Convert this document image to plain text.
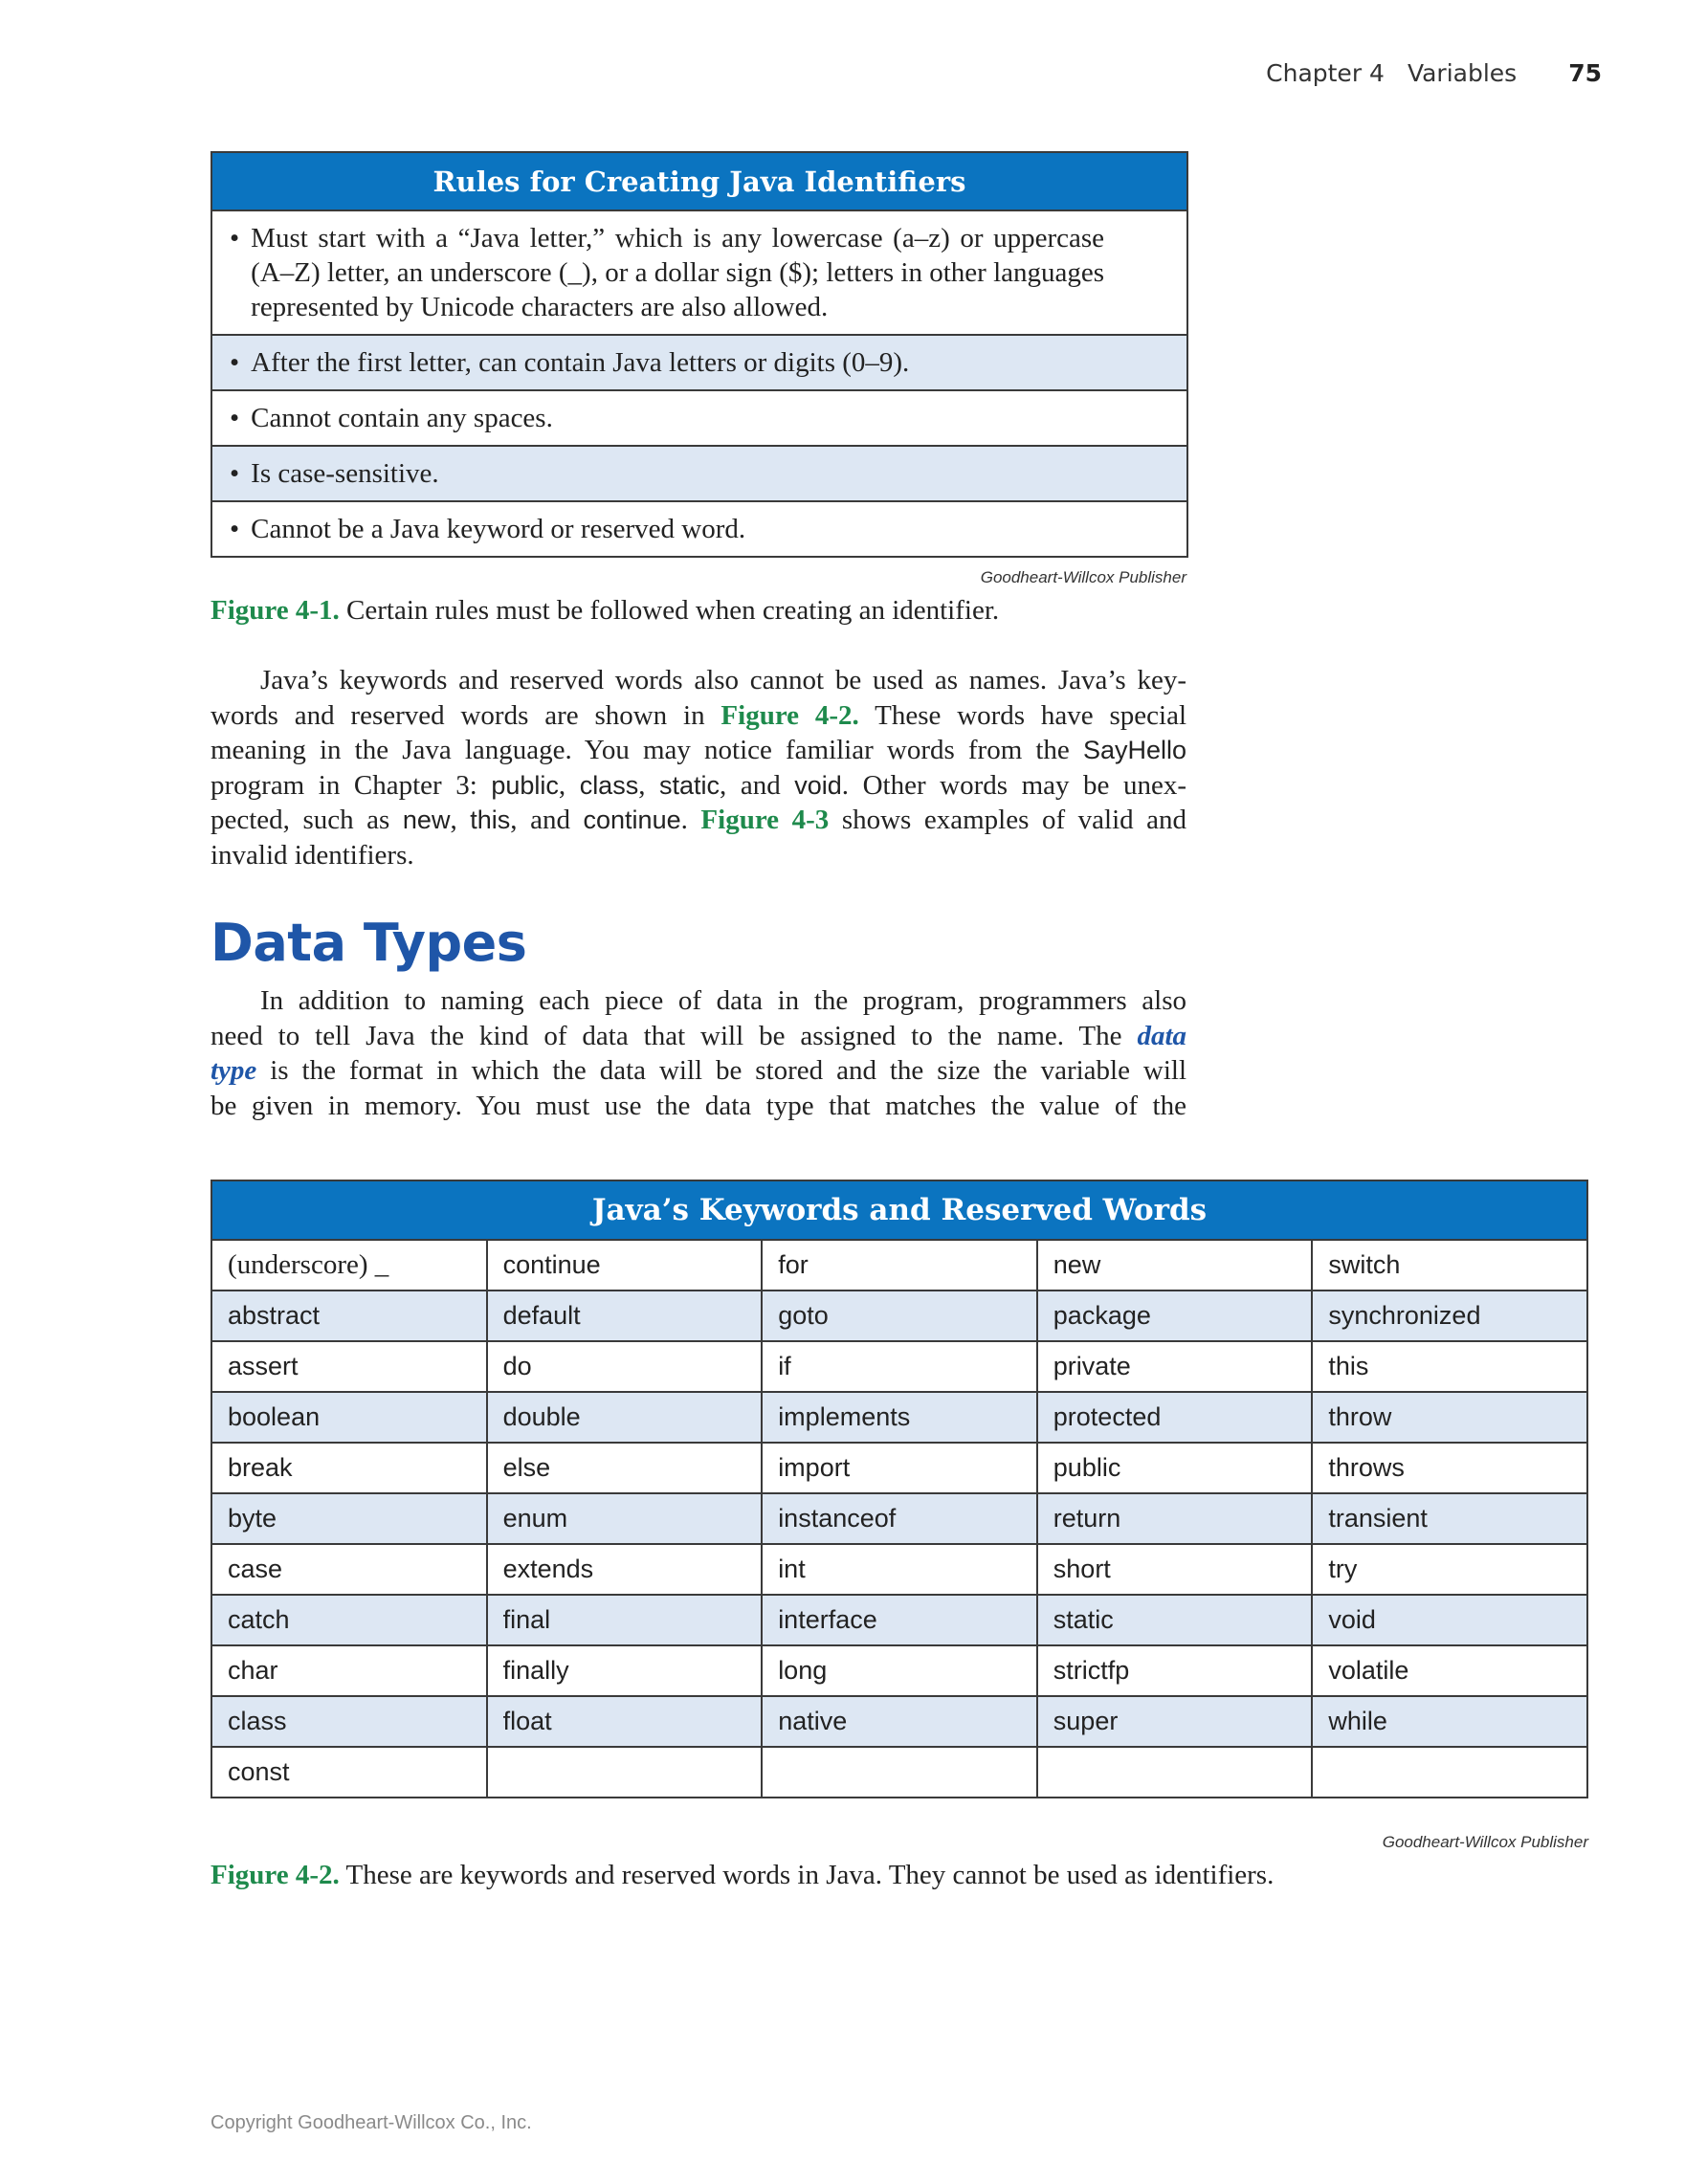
Chapter 4 Variables 75
Rules for Creating Java Identifiers

• Must start with a “Java letter,” which is any lowercase (a–z) or uppercase
(A–Z) letter, an underscore (_), or a dollar sign ($); letters in other languages
represented by Unicode characters are also allowed.

• After the first letter, can contain Java letters or digits (0–9).

• Cannot contain any spaces.

• Is case-sensitive.

• Cannot be a Java keyword or reserved word.
Goodheart-Willcox Publisher
Figure 4-1. Certain rules must be followed when creating an identifier.
Java’s keywords and reserved words also cannot be used as names. Java’s key-
words and reserved words are shown in Figure 4-2. These words have special
meaning in the Java language. You may notice familiar words from the SayHello
program in Chapter 3: public, class, static, and void. Other words may be unex-
pected, such as new, this, and continue. Figure 4-3 shows examples of valid and
invalid identifiers.
Data Types
In addition to naming each piece of data in the program, programmers also
need to tell Java the kind of data that will be assigned to the name. The data
type is the format in which the data will be stored and the size the variable will
be given in memory. You must use the data type that matches the value of the
Java’s Keywords and Reserved Words				
(underscore) _	continue	for	new	switch
abstract	default	goto	package	synchronized
assert	do	if	private	this
boolean	double	implements	protected	throw
break	else	import	public	throws
byte	enum	instanceof	return	transient
case	extends	int	short	try
catch	final	interface	static	void
char	finally	long	strictfp	volatile
class	float	native	super	while
const				
Goodheart-Willcox Publisher
Figure 4-2. These are keywords and reserved words in Java. They cannot be used as identifiers.
Copyright Goodheart-Willcox Co., Inc.
